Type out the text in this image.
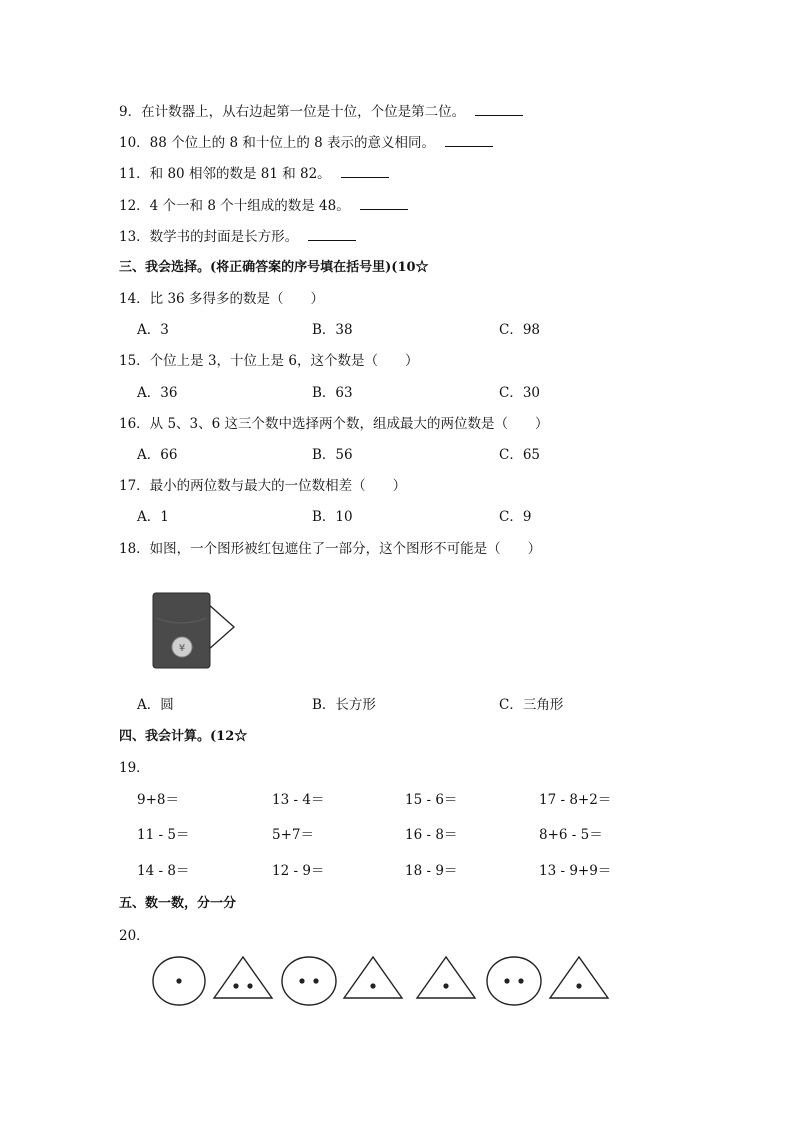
9．在计数器上，从右边起第一位是十位，个位是第二位。
10．88 个位上的 8 和十位上的 8 表示的意义相同。
11．和 80 相邻的数是 81 和 82。
12．4 个一和 8 个十组成的数是 48。
13．数学书的封面是长方形。
三、我会选择。(将正确答案的序号填在括号里)(10☆
14．比 36 多得多的数是（　　）
A．3	B．38	C．98
15．个位上是 3，十位上是 6，这个数是（　　）
A．36	B．63	C．30
16．从 5、3、6 这三个数中选择两个数，组成最大的两位数是（　　）
A．66	B．56	C．65
17．最小的两位数与最大的一位数相差（　　）
A．1	B．10	C．9
18．如图，一个图形被红包遮住了一部分，这个图形不可能是（　　）
¥
A．圆	B．长方形	C．三角形
四、我会计算。(12☆
19．
9+8＝	13 - 4＝	15 - 6＝	17 - 8+2＝
11 - 5＝	5+7＝	16 - 8＝	8+6 - 5＝
14 - 8＝	12 - 9＝	18 - 9＝	13 - 9+9＝
五、数一数，分一分
20．
